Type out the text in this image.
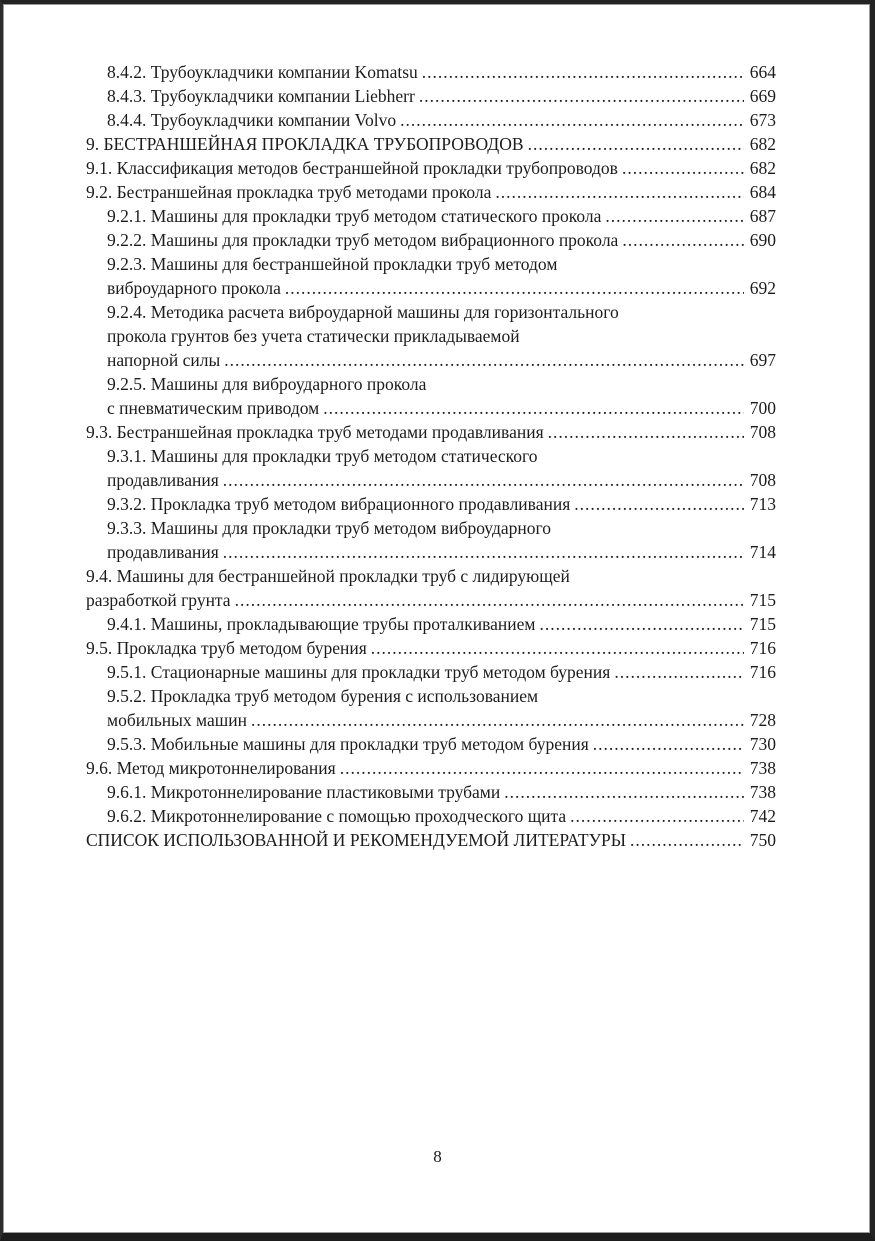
8.4.2. Трубоукладчики компании Komatsu .....	664
8.4.3. Трубоукладчики компании Liebherr .....	669
8.4.4. Трубоукладчики компании Volvo .....	673
9. БЕСТРАНШЕЙНАЯ ПРОКЛАДКА ТРУБОПРОВОДОВ .....	682
9.1. Классификация методов бестраншейной прокладки трубопроводов .....	682
9.2. Бестраншейная прокладка труб методами прокола .....	684
9.2.1. Машины для прокладки труб методом статического прокола .....	687
9.2.2. Машины для прокладки труб методом вибрационного прокола .....	690
9.2.3. Машины для бестраншейной прокладки труб методом
виброударного прокола .....	692
9.2.4. Методика расчета виброударной машины для горизонтального
прокола грунтов без учета статически прикладываемой
напорной силы .....	697
9.2.5. Машины для виброударного прокола
с пневматическим приводом .....	700
9.3. Бестраншейная прокладка труб методами продавливания .....	708
9.3.1. Машины для прокладки труб методом статического
продавливания .....	708
9.3.2. Прокладка труб методом вибрационного продавливания .....	713
9.3.3. Машины для прокладки труб методом виброударного
продавливания .....	714
9.4. Машины для бестраншейной прокладки труб с лидирующей
разработкой грунта .....	715
9.4.1. Машины, прокладывающие трубы проталкиванием .....	715
9.5. Прокладка труб методом бурения .....	716
9.5.1. Стационарные машины для прокладки труб методом бурения .....	716
9.5.2. Прокладка труб методом бурения с использованием
мобильных машин .....	728
9.5.3. Мобильные машины для прокладки труб методом бурения .....	730
9.6. Метод микротоннелирования .....	738
9.6.1. Микротоннелирование пластиковыми трубами .....	738
9.6.2. Микротоннелирование с помощью проходческого щита .....	742
СПИСОК ИСПОЛЬЗОВАННОЙ И РЕКОМЕНДУЕМОЙ ЛИТЕРАТУРЫ .....	750
8
